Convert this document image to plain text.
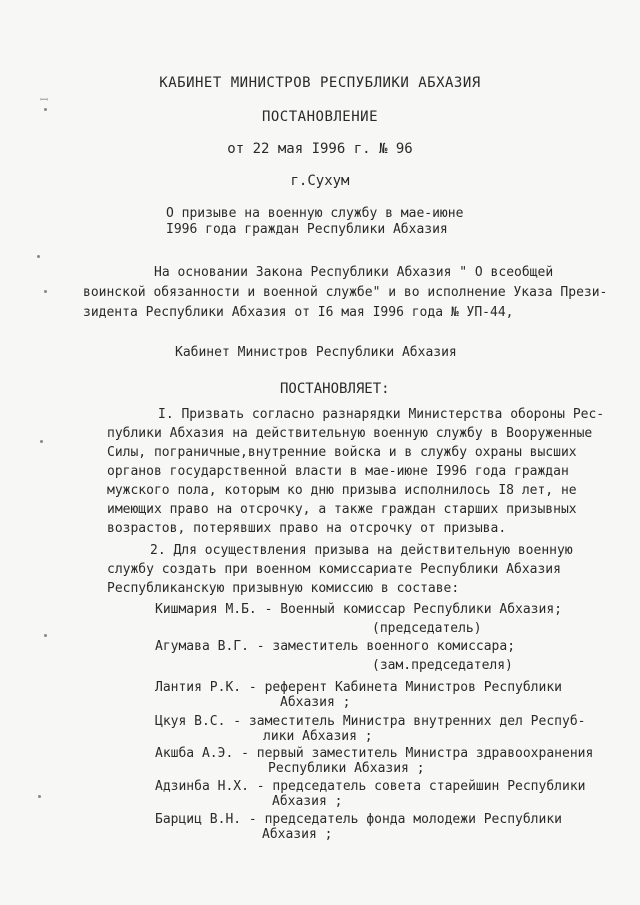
ꟷ
КАБИНЕТ МИНИСТРОВ РЕСПУБЛИКИ АБХАЗИЯ
ПОСТАНОВЛЕНИЕ
от 22 мая I996 г. № 96
г.Сухум
О призыве на военную службу в мае-июне
I996 года граждан Республики Абхазия
На основании Закона Республики Абхазия " О всеобщей
воинской обязанности и военной службе" и во исполнение Указа Прези-
зидента Республики Абхазия от I6 мая I996 года № УП-44,
Кабинет Министров Республики Абхазия
ПОСТАНОВЛЯЕТ:
I. Призвать согласно разнарядки Министерства обороны Рес-
публики Абхазия на действительную военную службу в Вооруженные
Силы, пограничные,внутренние войска и в службу охраны высших
органов государственной власти в мае-июне I996 года граждан
мужского пола, которым ко дню призыва исполнилось I8 лет, не
имеющих право на отсрочку, а также граждан старших призывных
возрастов, потерявших право на отсрочку от призыва.
2. Для осуществления призыва на действительную военную
службу создать при военном комиссариате Республики Абхазия
Республиканскую призывную комиссию в составе:
Кишмария М.Б. - Военный комиссар Республики Абхазия;
(председатель)
Агумава В.Г. - заместитель военного комиссара;
(зам.председателя)
Лантия Р.К. - референт Кабинета Министров Республики
Абхазия ;
Цкуя В.С. - заместитель Министра внутренних дел Респуб-
лики Абхазия ;
Акшба А.Э. - первый заместитель Министра здравоохранения
Республики Абхазия ;
Адзинба Н.Х. - председатель совета старейшин Республики
Абхазия ;
Барциц В.Н. - председатель фонда молодежи Республики
Абхазия ;
